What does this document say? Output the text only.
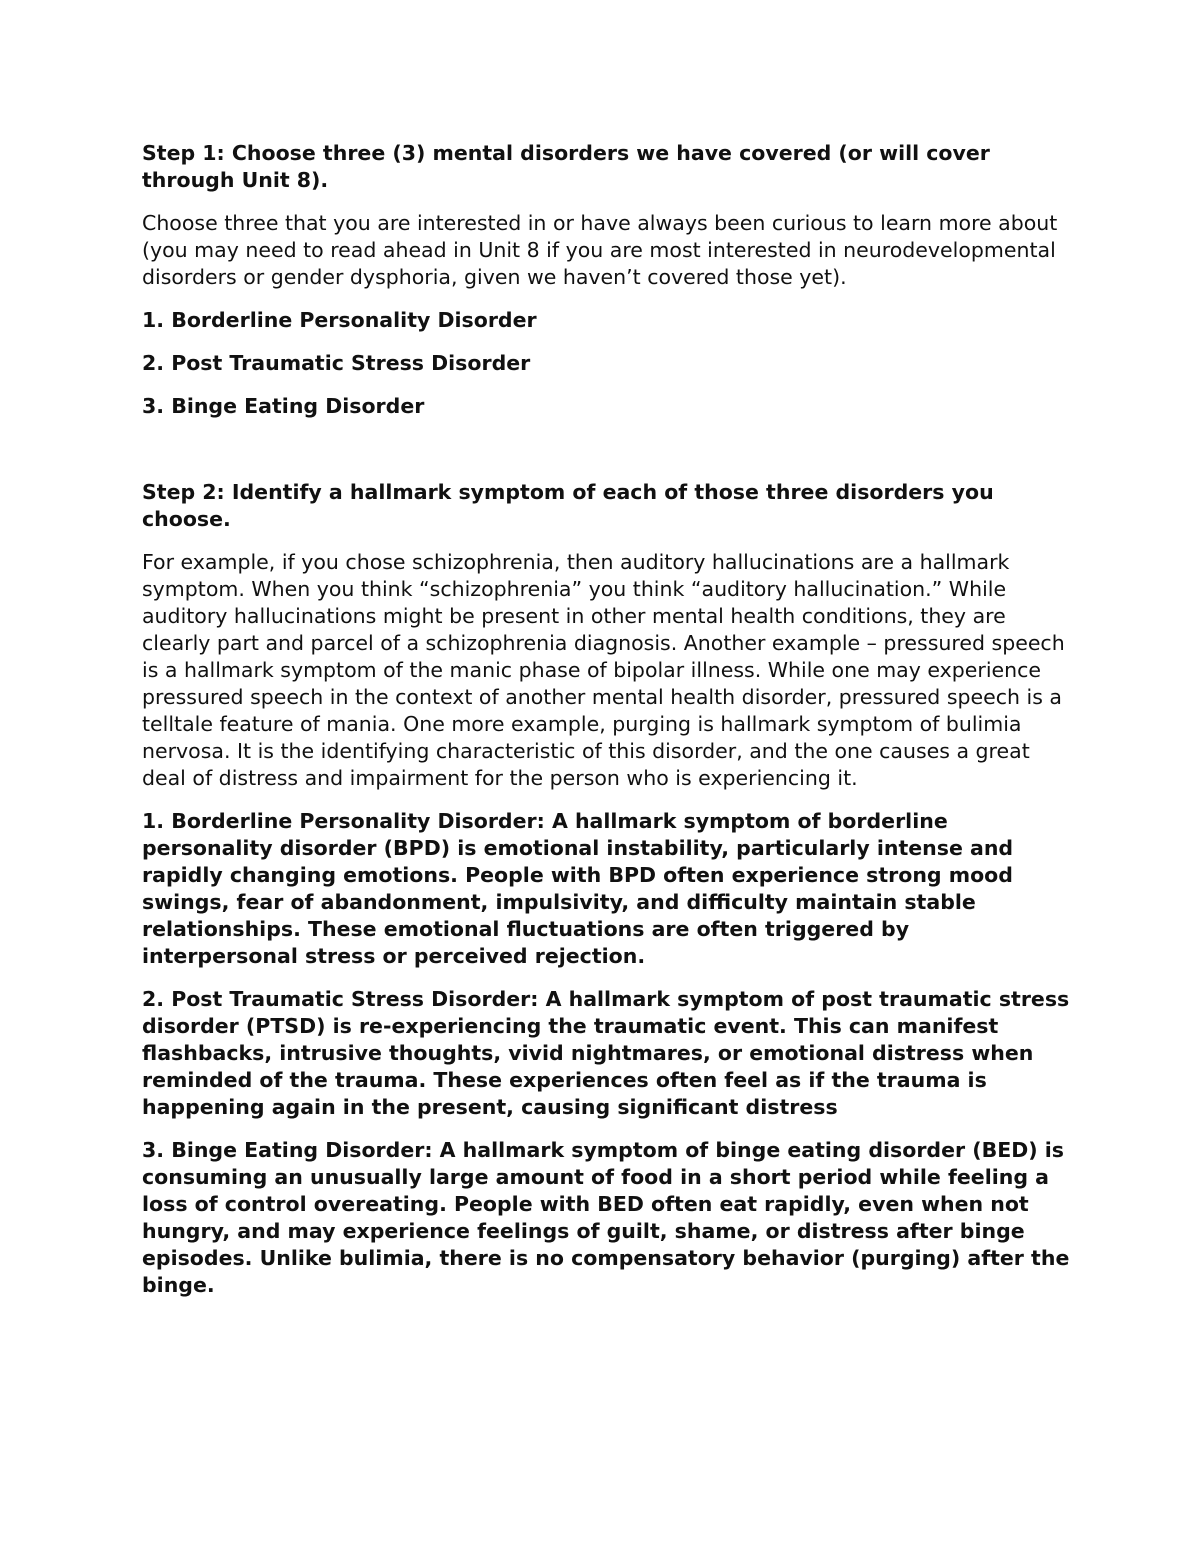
Step 1: Choose three (3) mental disorders we have covered (or will cover through Unit 8).

Choose three that you are interested in or have always been curious to learn more about (you may need to read ahead in Unit 8 if you are most interested in neurodevelopmental disorders or gender dysphoria, given we haven’t covered those yet).

1. Borderline Personality Disorder

2. Post Traumatic Stress Disorder

3. Binge Eating Disorder

Step 2: Identify a hallmark symptom of each of those three disorders you choose.

For example, if you chose schizophrenia, then auditory hallucinations are a hallmark symptom. When you think “schizophrenia” you think “auditory hallucination.” While auditory hallucinations might be present in other mental health conditions, they are clearly part and parcel of a schizophrenia diagnosis. Another example – pressured speech is a hallmark symptom of the manic phase of bipolar illness. While one may experience pressured speech in the context of another mental health disorder, pressured speech is a telltale feature of mania. One more example, purging is hallmark symptom of bulimia nervosa. It is the identifying characteristic of this disorder, and the one causes a great deal of distress and impairment for the person who is experiencing it.

1. Borderline Personality Disorder: A hallmark symptom of borderline personality disorder (BPD) is emotional instability, particularly intense and rapidly changing emotions. People with BPD often experience strong mood swings, fear of abandonment, impulsivity, and difficulty maintain stable relationships. These emotional fluctuations are often triggered by interpersonal stress or perceived rejection.

2. Post Traumatic Stress Disorder: A hallmark symptom of post traumatic stress disorder (PTSD) is re-experiencing the traumatic event. This can manifest flashbacks, intrusive thoughts, vivid nightmares, or emotional distress when reminded of the trauma. These experiences often feel as if the trauma is happening again in the present, causing significant distress

3. Binge Eating Disorder: A hallmark symptom of binge eating disorder (BED) is consuming an unusually large amount of food in a short period while feeling a loss of control overeating. People with BED often eat rapidly, even when not hungry, and may experience feelings of guilt, shame, or distress after binge episodes. Unlike bulimia, there is no compensatory behavior (purging) after the binge.
